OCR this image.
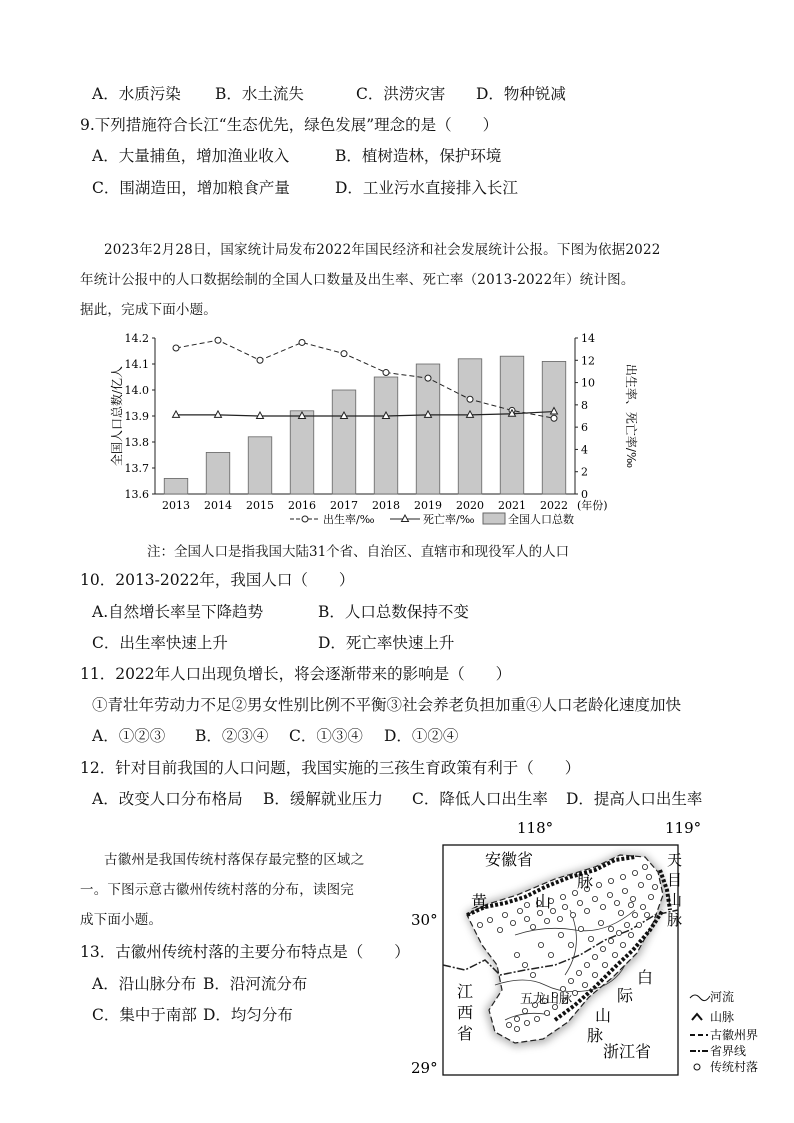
A．水质污染 B．水土流失	C．洪涝灾害 D．物种锐减
9.下列措施符合长江“生态优先，绿色发展”理念的是（　　）
A．大量捕鱼，增加渔业收入	B．植树造林，保护环境
C．围湖造田，增加粮食产量	D．工业污水直接排入长江
2023年2月28日，国家统计局发布2022年国民经济和社会发展统计公报。下图为依据2022
年统计公报中的人口数据绘制的全国人口数量及出生率、死亡率（2013-2022年）统计图。
据此，完成下面小题。
14.2
14.1
14.0
13.9
13.8
13.7
13.6
14
12
10
8
6
4
2
0
2013 2014 2015 2016 2017 2018 2019 2020 2021 2022 (年份)
全国人口总数/亿人	出生率、死亡率/‰
出生率/‰	死亡率/‰	全国人口总数
注：全国人口是指我国大陆31个省、自治区、直辖市和现役军人的人口
10．2013-2022年，我国人口（　　）
A.自然增长率呈下降趋势	B．人口总数保持不变
C．出生率快速上升	D．死亡率快速上升
11．2022年人口出现负增长，将会逐渐带来的影响是（　　）
①青壮年劳动力不足②男女性别比例不平衡③社会养老负担加重④人口老龄化速度加快
A．①②③ B．②③④ C．①③④ D．①②④
12．针对目前我国的人口问题，我国实施的三孩生育政策有利于（　　）
A．改变人口分布格局 B．缓解就业压力 C．降低人口出生率 D．提高人口出生率
古徽州是我国传统村落保存最完整的区域之
一。下图示意古徽州传统村落的分布，读图完
成下面小题。
13．古徽州传统村落的主要分布特点是（　　）
A．沿山脉分布 B．沿河流分布
C．集中于南部 D．均匀分布
118°	119°
30°
29°
安徽省
浙江省
江
西
省
黄	山
脉
天
目
山
脉
白
际
山
脉
五龙山脉	河流
山脉
古徽州界
省界线
传统村落
